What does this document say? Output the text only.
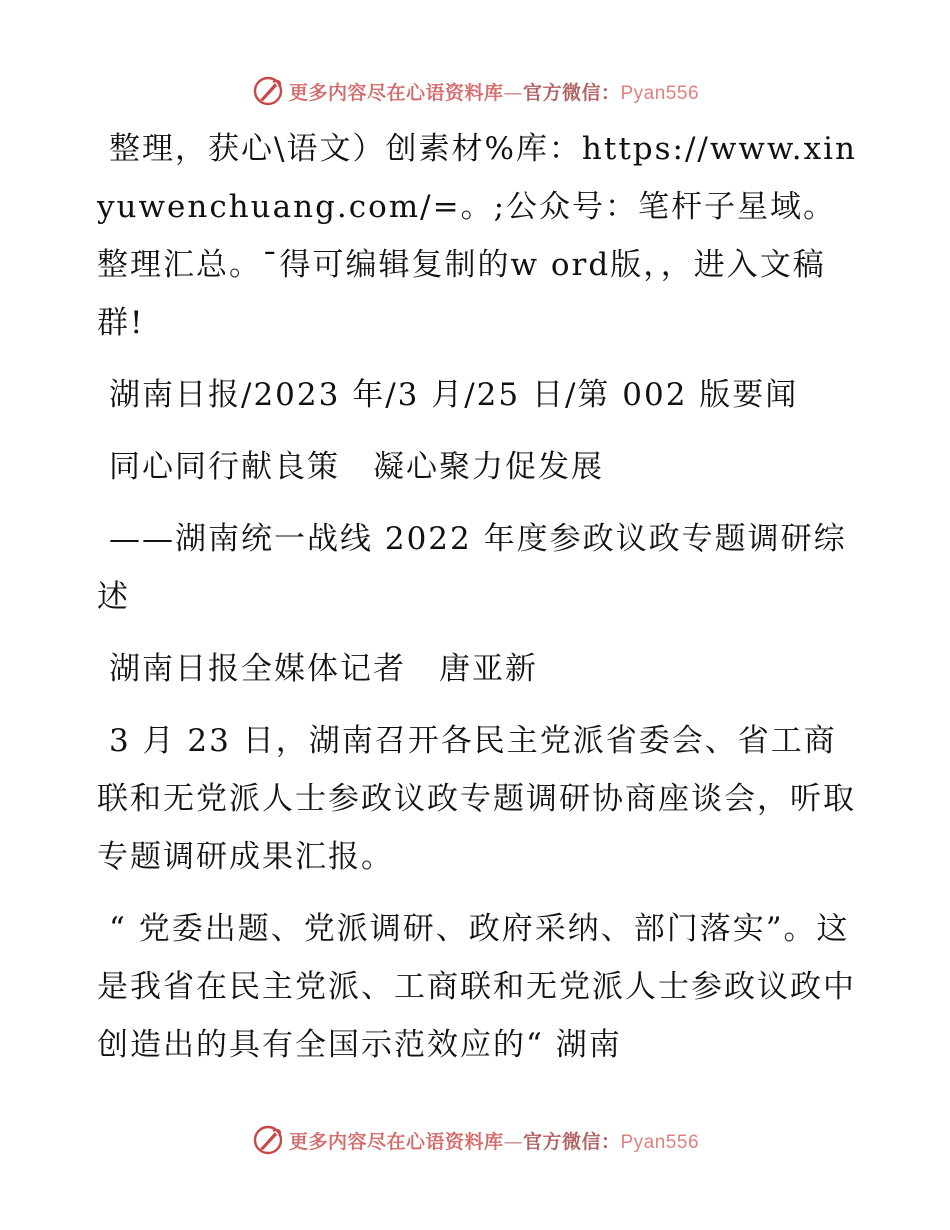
更多内容尽在心语资料库—官方微信：Pyan556

整理，获心\语文）创素材%库：https://www.xinyuwenchuang.com/=。;公众号：笔杆子星域。整理汇总。¯得可编辑复制的w ord版，，进入文稿群!

湖南日报/2023 年/3 月/25 日/第 002 版要闻

同心同行献良策　凝心聚力促发展

——湖南统一战线 2022 年度参政议政专题调研综述

湖南日报全媒体记者　唐亚新

3 月 23 日，湖南召开各民主党派省委会、省工商联和无党派人士参政议政专题调研协商座谈会，听取专题调研成果汇报。

“ 党委出题、党派调研、政府采纳、部门落实”。这是我省在民主党派、工商联和无党派人士参政议政中创造出的具有全国示范效应的“ 湖南

更多内容尽在心语资料库—官方微信：Pyan556
